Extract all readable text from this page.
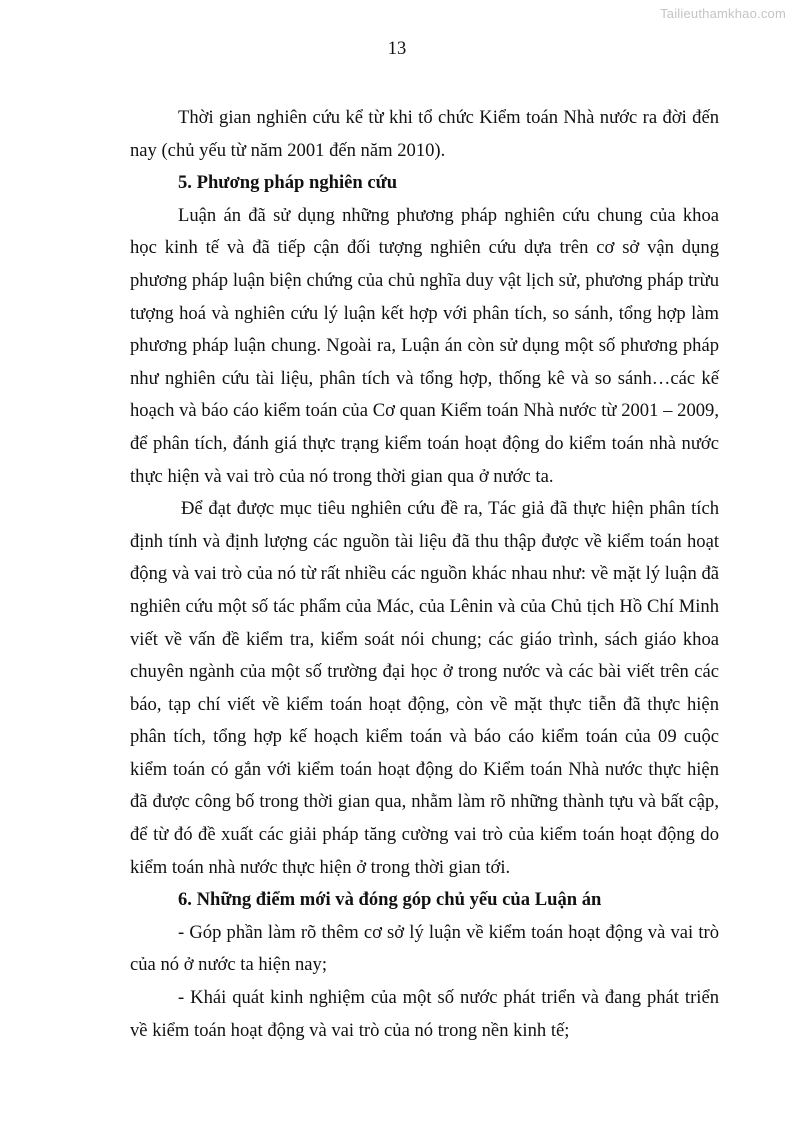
Tailieuthamkhao.com
13

Thời gian nghiên cứu kể từ khi tổ chức Kiểm toán Nhà nước ra đời đến nay (chủ yếu từ năm 2001 đến năm 2010).

5. Phương pháp nghiên cứu

Luận án đã sử dụng những phương pháp nghiên cứu chung của khoa học kinh tế và đã tiếp cận đối tượng nghiên cứu dựa trên cơ sở vận dụng phương pháp luận biện chứng của chủ nghĩa duy vật lịch sử, phương pháp trừu tượng hoá và nghiên cứu lý luận kết hợp với phân tích, so sánh, tổng hợp làm phương pháp luận chung. Ngoài ra, Luận án còn sử dụng một số phương pháp như nghiên cứu tài liệu, phân tích và tổng hợp, thống kê và so sánh…các kế hoạch và báo cáo kiểm toán của Cơ quan Kiểm toán Nhà nước từ 2001 – 2009, để phân tích, đánh giá thực trạng kiểm toán hoạt động do kiểm toán nhà nước thực hiện và vai trò của nó trong thời gian qua ở nước ta.

Để đạt được mục tiêu nghiên cứu đề ra, Tác giả đã thực hiện phân tích định tính và định lượng các nguồn tài liệu đã thu thập được về kiểm toán hoạt động và vai trò của nó từ rất nhiều các nguồn khác nhau như: về mặt lý luận đã nghiên cứu một số tác phẩm của Mác, của Lênin và của Chủ tịch Hồ Chí Minh viết về vấn đề kiểm tra, kiểm soát nói chung; các giáo trình, sách giáo khoa chuyên ngành của một số trường đại học ở trong nước và các bài viết trên các báo, tạp chí viết về kiểm toán hoạt động, còn về mặt thực tiễn đã thực hiện phân tích, tổng hợp kế hoạch kiểm toán và báo cáo kiểm toán của 09 cuộc kiểm toán có gắn với kiểm toán hoạt động do Kiểm toán Nhà nước thực hiện đã được công bố trong thời gian qua, nhằm làm rõ những thành tựu và bất cập, để từ đó đề xuất các giải pháp tăng cường vai trò của kiểm toán hoạt động do kiểm toán nhà nước thực hiện ở trong thời gian tới.

6. Những điểm mới và đóng góp chủ yếu của Luận án

- Góp phần làm rõ thêm cơ sở lý luận về kiểm toán hoạt động và vai trò của nó ở nước ta hiện nay;

- Khái quát kinh nghiệm của một số nước phát triển và đang phát triển về kiểm toán hoạt động và vai trò của nó trong nền kinh tế;
